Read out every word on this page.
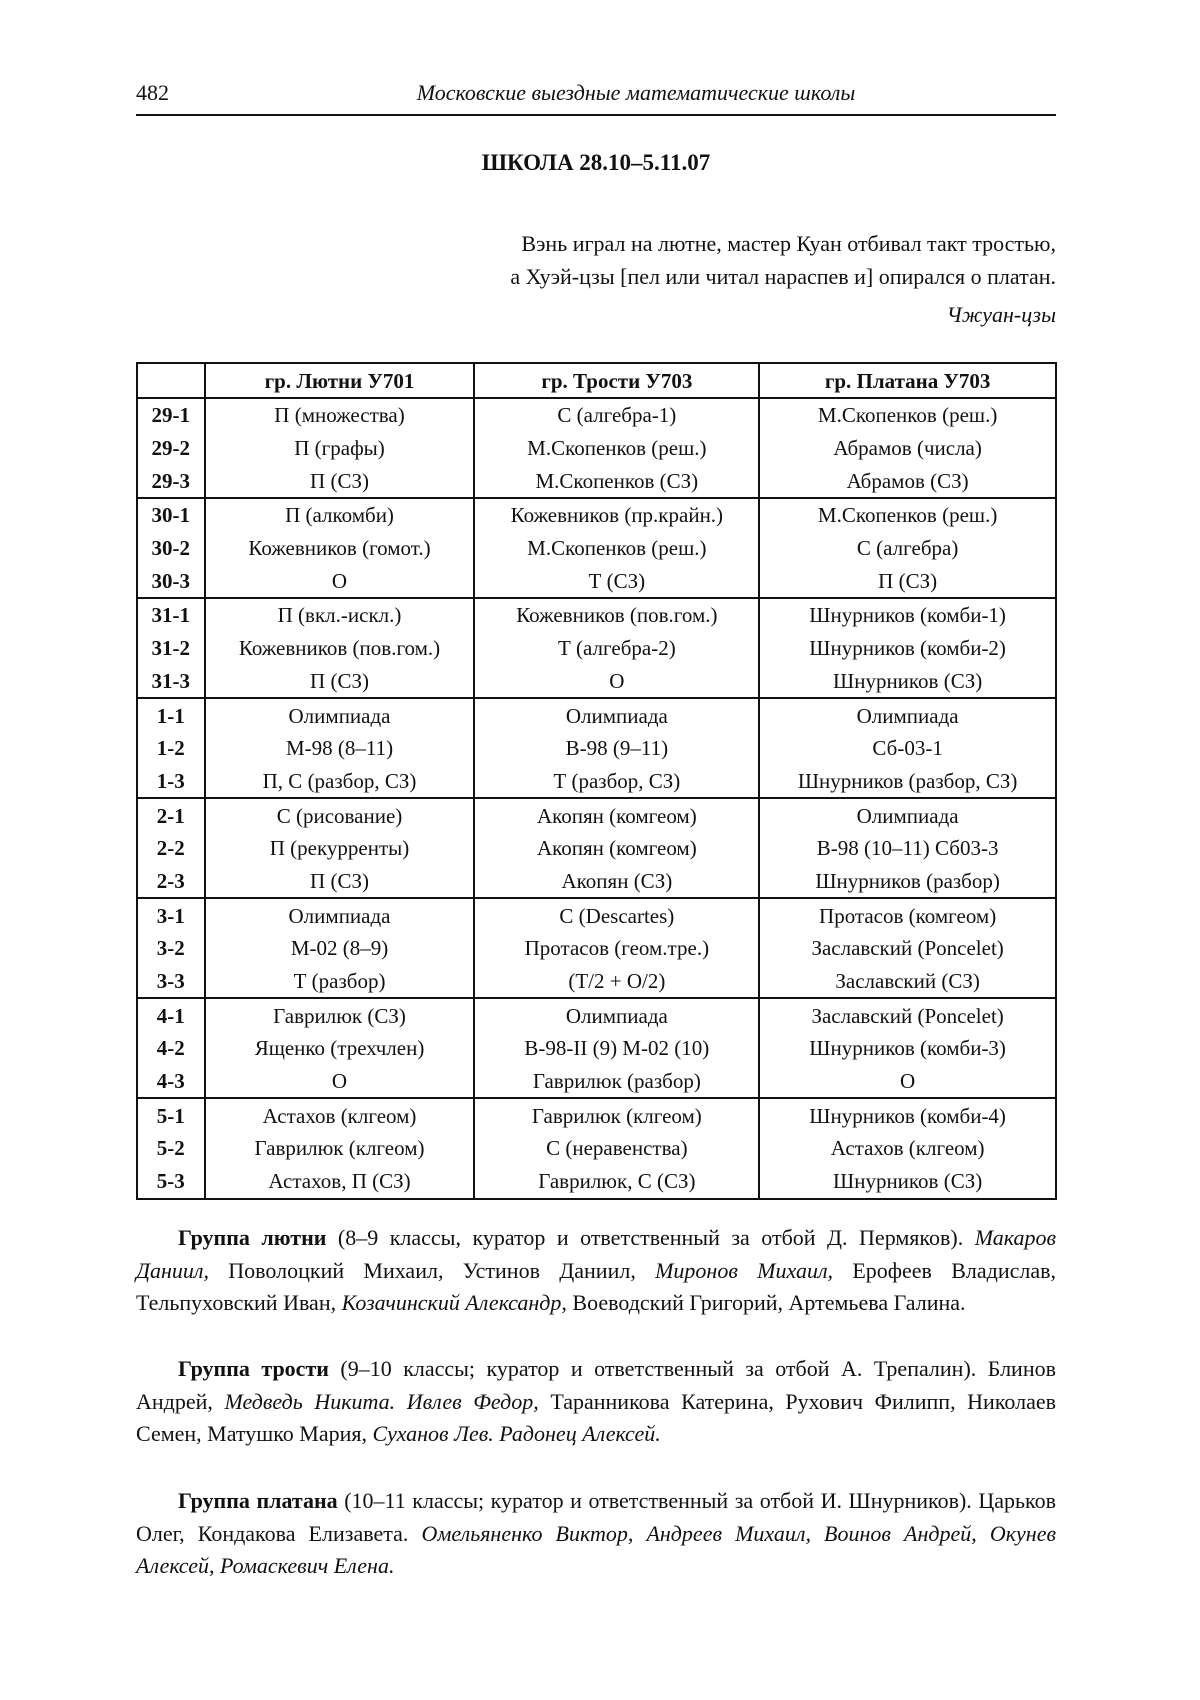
482	Московские выездные математические школы
ШКОЛА 28.10–5.11.07
Вэнь играл на лютне, мастер Куан отбивал такт тростью,
а Хуэй-цзы [пел или читал нараспев и] опирался о платан.
Чжуан-цзы
	гр. Лютни У701	гр. Трости У703	гр. Платана У703
29-1	П (множества)	С (алгебра-1)	М.Скопенков (реш.)
29-2	П (графы)	М.Скопенков (реш.)	Абрамов (числа)
29-3	П (СЗ)	М.Скопенков (СЗ)	Абрамов (СЗ)
30-1	П (алкомби)	Кожевников (пр.крайн.)	М.Скопенков (реш.)
30-2	Кожевников (гомот.)	М.Скопенков (реш.)	С (алгебра)
30-3	О	Т (СЗ)	П (СЗ)
31-1	П (вкл.-искл.)	Кожевников (пов.гом.)	Шнурников (комби-1)
31-2	Кожевников (пов.гом.)	Т (алгебра-2)	Шнурников (комби-2)
31-3	П (СЗ)	О	Шнурников (СЗ)
1-1	Олимпиада	Олимпиада	Олимпиада
1-2	М-98 (8–11)	В-98 (9–11)	Сб-03-1
1-3	П, С (разбор, СЗ)	Т (разбор, СЗ)	Шнурников (разбор, СЗ)
2-1	С (рисование)	Акопян (комгеом)	Олимпиада
2-2	П (рекурренты)	Акопян (комгеом)	В-98 (10–11) Сб03-3
2-3	П (СЗ)	Акопян (СЗ)	Шнурников (разбор)
3-1	Олимпиада	С (Descartes)	Протасов (комгеом)
3-2	М-02 (8–9)	Протасов (геом.тре.)	Заславский (Poncelet)
3-3	Т (разбор)	(T/2 + O/2)	Заславский (СЗ)
4-1	Гаврилюк (СЗ)	Олимпиада	Заславский (Poncelet)
4-2	Ященко (трехчлен)	В-98-II (9) М-02 (10)	Шнурников (комби-3)
4-3	О	Гаврилюк (разбор)	О
5-1	Астахов (клгеом)	Гаврилюк (клгеом)	Шнурников (комби-4)
5-2	Гаврилюк (клгеом)	С (неравенства)	Астахов (клгеом)
5-3	Астахов, П (СЗ)	Гаврилюк, С (СЗ)	Шнурников (СЗ)
Группа лютни (8–9 классы, куратор и ответственный за отбой Д. Пермяков). Макаров Даниил, Поволоцкий Михаил, Устинов Даниил, Миронов Михаил, Ерофеев Владислав, Тельпуховский Иван, Козачинский Александр, Воеводский Григорий, Артемьева Галина.
Группа трости (9–10 классы; куратор и ответственный за отбой А. Трепалин). Блинов Андрей, Медведь Никита. Ивлев Федор, Таранникова Катерина, Рухович Филипп, Николаев Семен, Матушко Мария, Суханов Лев. Радонец Алексей.
Группа платана (10–11 классы; куратор и ответственный за отбой И. Шнурников). Царьков Олег, Кондакова Елизавета. Омельяненко Виктор, Андреев Михаил, Воинов Андрей, Окунев Алексей, Ромаскевич Елена.
